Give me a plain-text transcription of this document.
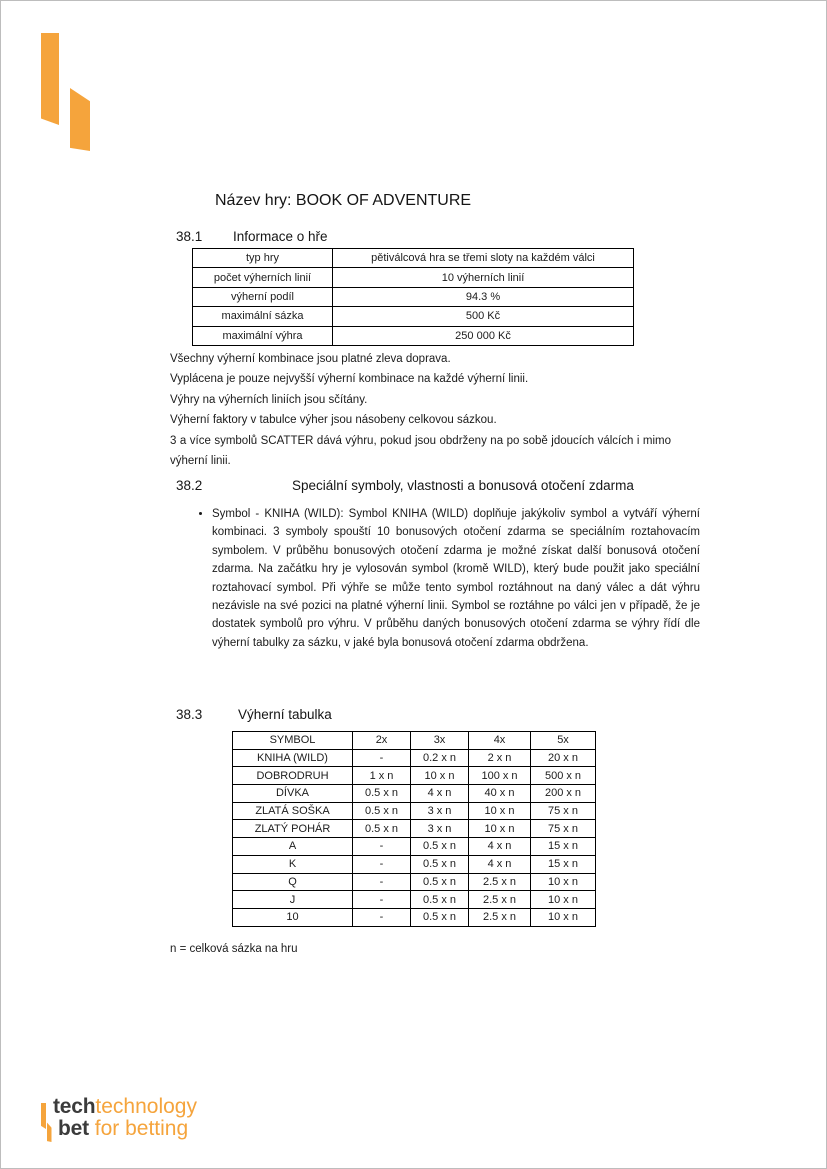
Název hry: BOOK OF ADVENTURE
38.1 Informace o hře
typ hry	pětiválcová hra se třemi sloty na každém válci
počet výherních linií	10 výherních linií
výherní podíl	94.3 %
maximální sázka	500 Kč
maximální výhra	250 000 Kč

Všechny výherní kombinace jsou platné zleva doprava.

Vyplácena je pouze nejvyšší výherní kombinace na každé výherní linii.

Výhry na výherních liniích jsou sčítány.

Výherní faktory v tabulce výher jsou násobeny celkovou sázkou.

3 a více symbolů SCATTER dává výhru, pokud jsou obdrženy na po sobě jdoucích válcích i mimo výherní linii.

38.2	Speciální symboly, vlastnosti a bonusová otočení zdarma
• Symbol - KNIHA (WILD): Symbol KNIHA (WILD) doplňuje jakýkoliv symbol a vytváří výherní kombinaci. 3 symboly spouští 10 bonusových otočení zdarma se speciálním roztahovacím symbolem. V průběhu bonusových otočení zdarma je možné získat další bonusová otočení zdarma. Na začátku hry je vylosován symbol (kromě WILD), který bude použit jako speciální roztahovací symbol. Při výhře se může tento symbol roztáhnout na daný válec a dát výhru nezávisle na své pozici na platné výherní linii. Symbol se roztáhne po válci jen v případě, že je dostatek symbolů pro výhru. V průběhu daných bonusových otočení zdarma se výhry řídí dle výherní tabulky za sázku, v jaké byla bonusová otočení zdarma obdržena.
38.3	Výherní tabulka
SYMBOL	2x	3x	4x	5x
KNIHA (WILD)	-	0.2 x n	2 x n	20 x n
DOBRODRUH	1 x n	10 x n	100 x n	500 x n
DÍVKA	0.5 x n	4 x n	40 x n	200 x n
ZLATÁ SOŠKA	0.5 x n	3 x n	10 x n	75 x n
ZLATÝ POHÁR	0.5 x n	3 x n	10 x n	75 x n
A	-	0.5 x n	4 x n	15 x n
K	-	0.5 x n	4 x n	15 x n
Q	-	0.5 x n	2.5 x n	10 x n
J	-	0.5 x n	2.5 x n	10 x n
10	-	0.5 x n	2.5 x n	10 x n
n = celková sázka na hru
techtechnology
bet for betting
